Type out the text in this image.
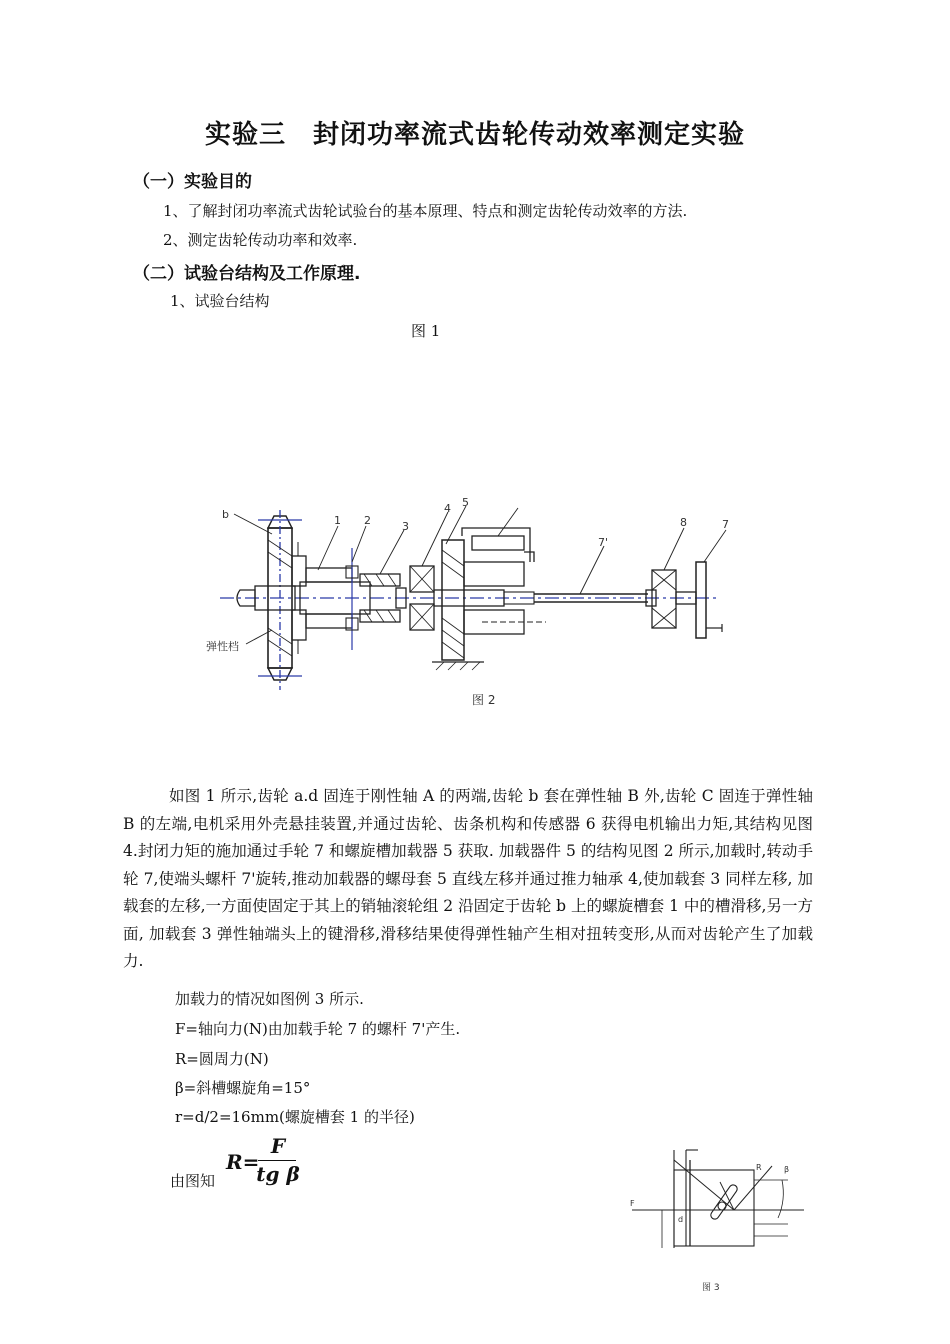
实验三　封闭功率流式齿轮传动效率测定实验
（一）实验目的
1、了解封闭功率流式齿轮试验台的基本原理、特点和测定齿轮传动效率的方法.
2、测定齿轮传动功率和效率.
（二）试验台结构及工作原理.
1、试验台结构
图 1
b	1 2	3
4 5
7'
8	7
弹性档
图 2
如图 1 所示,齿轮 a.d 固连于刚性轴 A 的两端,齿轮 b 套在弹性轴 B 外,齿轮 C 固连于弹性轴 B 的左端,电机采用外壳悬挂装置,并通过齿轮、齿条机构和传感器 6 获得电机输出力矩,其结构见图 4.封闭力矩的施加通过手轮 7 和螺旋槽加载器 5 获取. 加载器件 5 的结构见图 2 所示,加载时,转动手轮 7,使端头螺杆 7'旋转,推动加载器的螺母套 5 直线左移并通过推力轴承 4,使加载套 3 同样左移, 加载套的左移,一方面使固定于其上的销轴滚轮组 2 沿固定于齿轮 b 上的螺旋槽套 1 中的槽滑移,另一方面, 加载套 3 弹性轴端头上的键滑移,滑移结果使得弹性轴产生相对扭转变形,从而对齿轮产生了加载力.
加载力的情况如图例 3 所示.
F=轴向力(N)由加载手轮 7 的螺杆 7'产生.
R=圆周力(N)
β=斜槽螺旋角=15°
r=d/2=16mm(螺旋槽套 1 的半径)
由图知
R=
F
tg β	R	β
F
d
图 3
